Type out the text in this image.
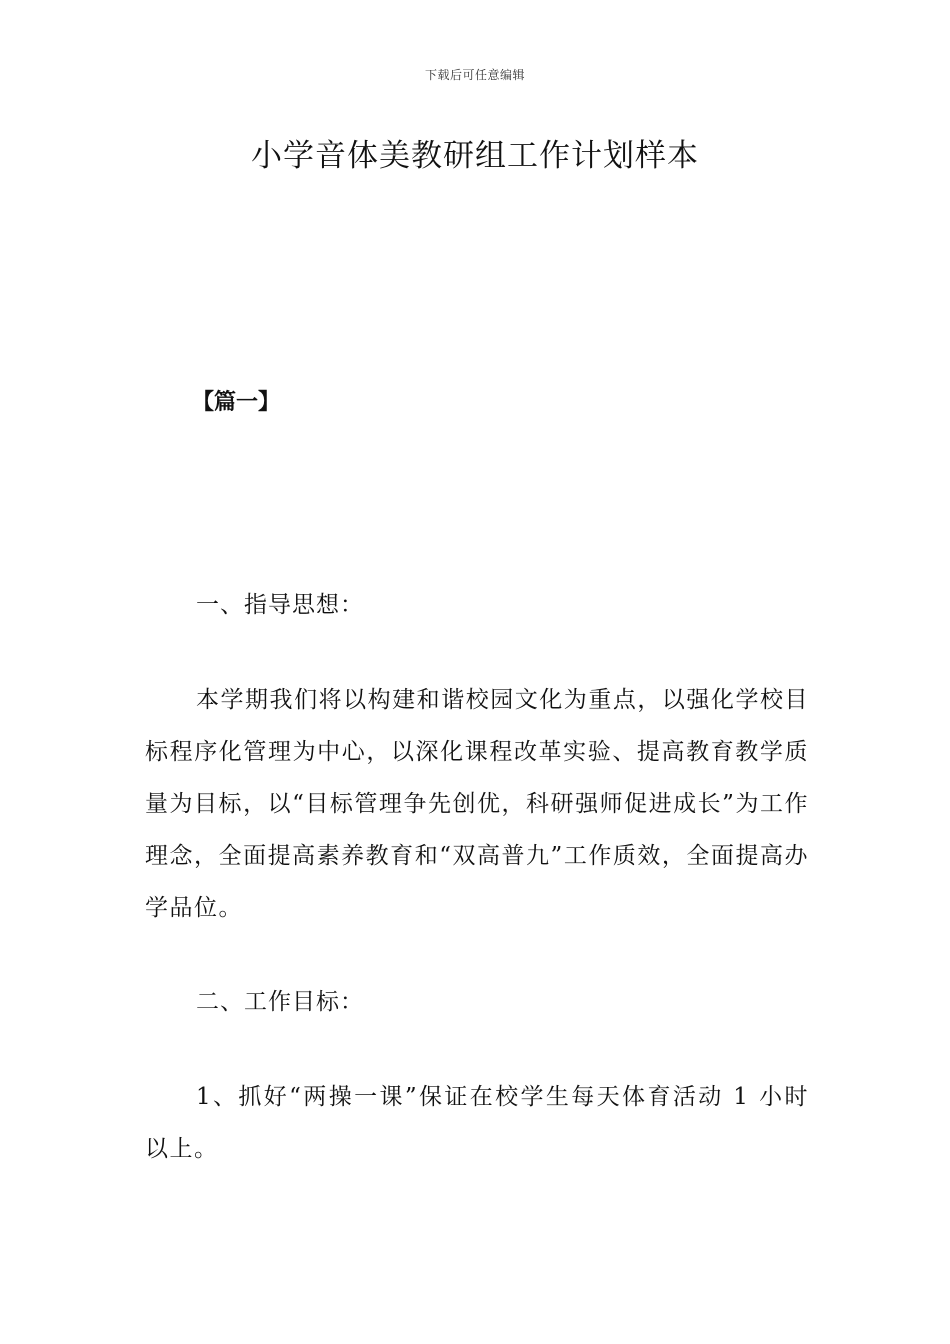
下载后可任意编辑
小学音体美教研组工作计划样本
【篇一】
一、指导思想：
本学期我们将以构建和谐校园文化为重点，以强化学校目标程序化管理为中心，以深化课程改革实验、提高教育教学质量为目标，以“目标管理争先创优，科研强师促进成长”为工作理念，全面提高素养教育和“双高普九”工作质效，全面提高办学品位。
二、工作目标：
1、抓好“两操一课”保证在校学生每天体育活动 1 小时以上。
